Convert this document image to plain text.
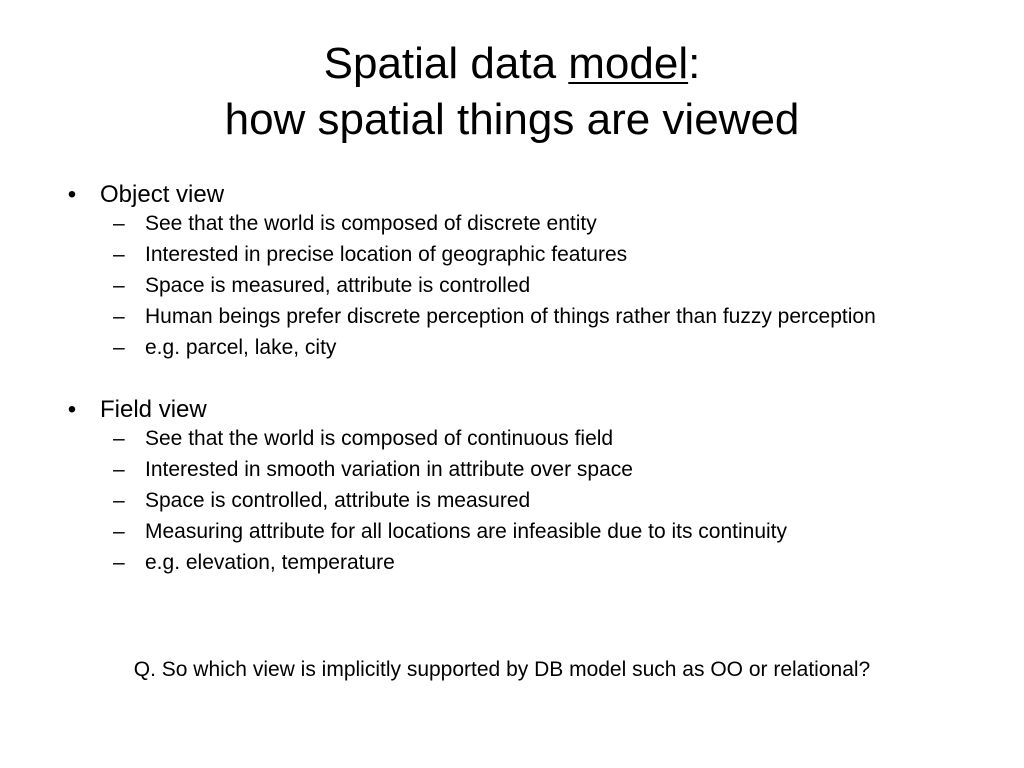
Spatial data model:
how spatial things are viewed
• Object view
– See that the world is composed of discrete entity
– Interested in precise location of geographic features
– Space is measured, attribute is controlled
– Human beings prefer discrete perception of things rather than fuzzy perception
– e.g. parcel, lake, city
• Field view
– See that the world is composed of continuous field
– Interested in smooth variation in attribute over space
– Space is controlled, attribute is measured
– Measuring attribute for all locations are infeasible due to its continuity
– e.g. elevation, temperature
Q. So which view is implicitly supported by DB model such as OO or relational?
